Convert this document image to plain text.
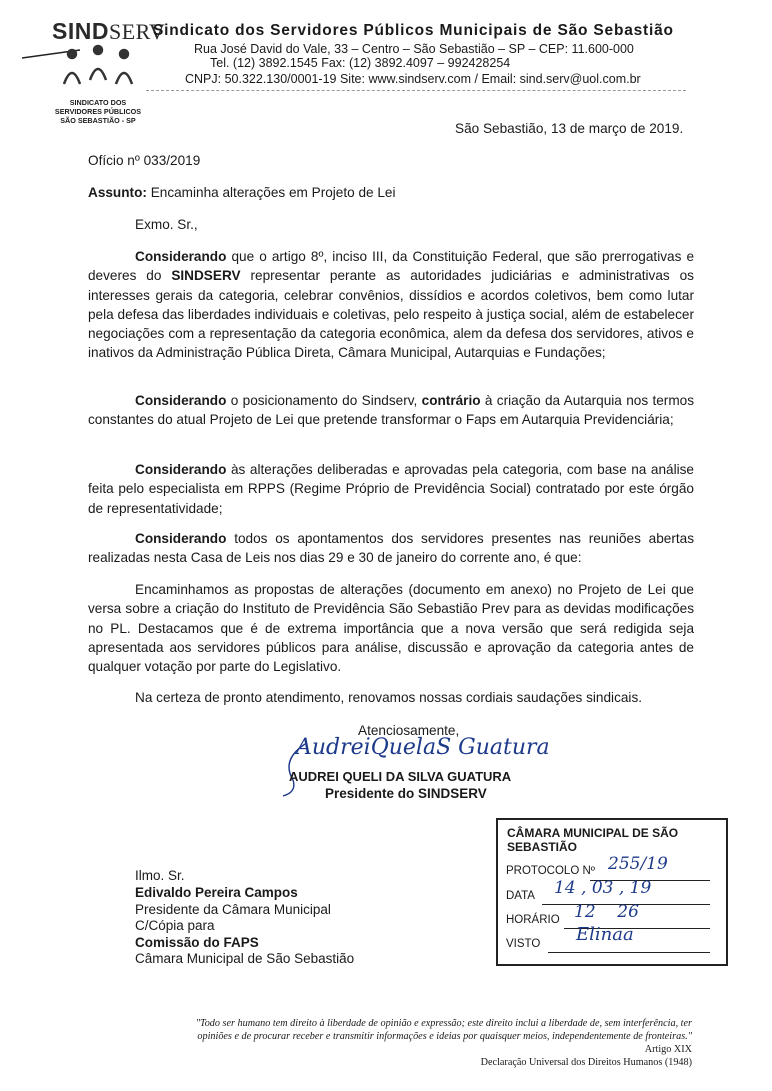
SINDSERV
SINDICATO DOS SERVIDORES PÚBLICOS
SÃO SEBASTIÃO - SP
Sindicato dos Servidores Públicos Municipais de São Sebastião
Rua José David do Vale, 33 – Centro – São Sebastião – SP – CEP: 11.600-000
Tel. (12) 3892.1545 Fax: (12) 3892.4097 – 992428254
CNPJ: 50.322.130/0001-19 Site: www.sindserv.com / Email: sind.serv@uol.com.br
São Sebastião, 13 de março de 2019.
Ofício nº 033/2019
Assunto: Encaminha alterações em Projeto de Lei
Exmo. Sr.,
Considerando que o artigo 8º, inciso III, da Constituição Federal, que são prerrogativas e deveres do SINDSERV representar perante as autoridades judiciárias e administrativas os interesses gerais da categoria, celebrar convênios, dissídios e acordos coletivos, bem como lutar pela defesa das liberdades individuais e coletivas, pelo respeito à justiça social, além de estabelecer negociações com a representação da categoria econômica, alem da defesa dos servidores, ativos e inativos da Administração Pública Direta, Câmara Municipal, Autarquias e Fundações;
Considerando o posicionamento do Sindserv, contrário à criação da Autarquia nos termos constantes do atual Projeto de Lei que pretende transformar o Faps em Autarquia Previdenciária;
Considerando às alterações deliberadas e aprovadas pela categoria, com base na análise feita pelo especialista em RPPS (Regime Próprio de Previdência Social) contratado por este órgão de representatividade;
Considerando todos os apontamentos dos servidores presentes nas reuniões abertas realizadas nesta Casa de Leis nos dias 29 e 30 de janeiro do corrente ano, é que:
Encaminhamos as propostas de alterações (documento em anexo) no Projeto de Lei que versa sobre a criação do Instituto de Previdência São Sebastião Prev para as devidas modificações no PL. Destacamos que é de extrema importância que a nova versão que será redigida seja apresentada aos servidores públicos para análise, discussão e aprovação da categoria antes de qualquer votação por parte do Legislativo.
Na certeza de pronto atendimento, renovamos nossas cordiais saudações sindicais.
Atenciosamente,
AudreiQuelaS Guatura
AUDREI QUELI DA SILVA GUATURA
Presidente do SINDSERV
Ilmo. Sr.
Edivaldo Pereira Campos
Presidente da Câmara Municipal
C/Cópia para
Comissão do FAPS
Câmara Municipal de São Sebastião
CÂMARA MUNICIPAL DE SÃO SEBASTIÃO
PROTOCOLO Nº 255/19
DATA 14 , 03 , 19
HORÁRIO 12    26
VISTO Elinaa
"Todo ser humano tem direito à liberdade de opinião e expressão; este direito inclui a liberdade de, sem interferência, ter
opiniões e de procurar receber e transmitir informações e ideias por quaisquer meios, independentemente de fronteiras."
Artigo XIX
Declaração Universal dos Direitos Humanos (1948)
